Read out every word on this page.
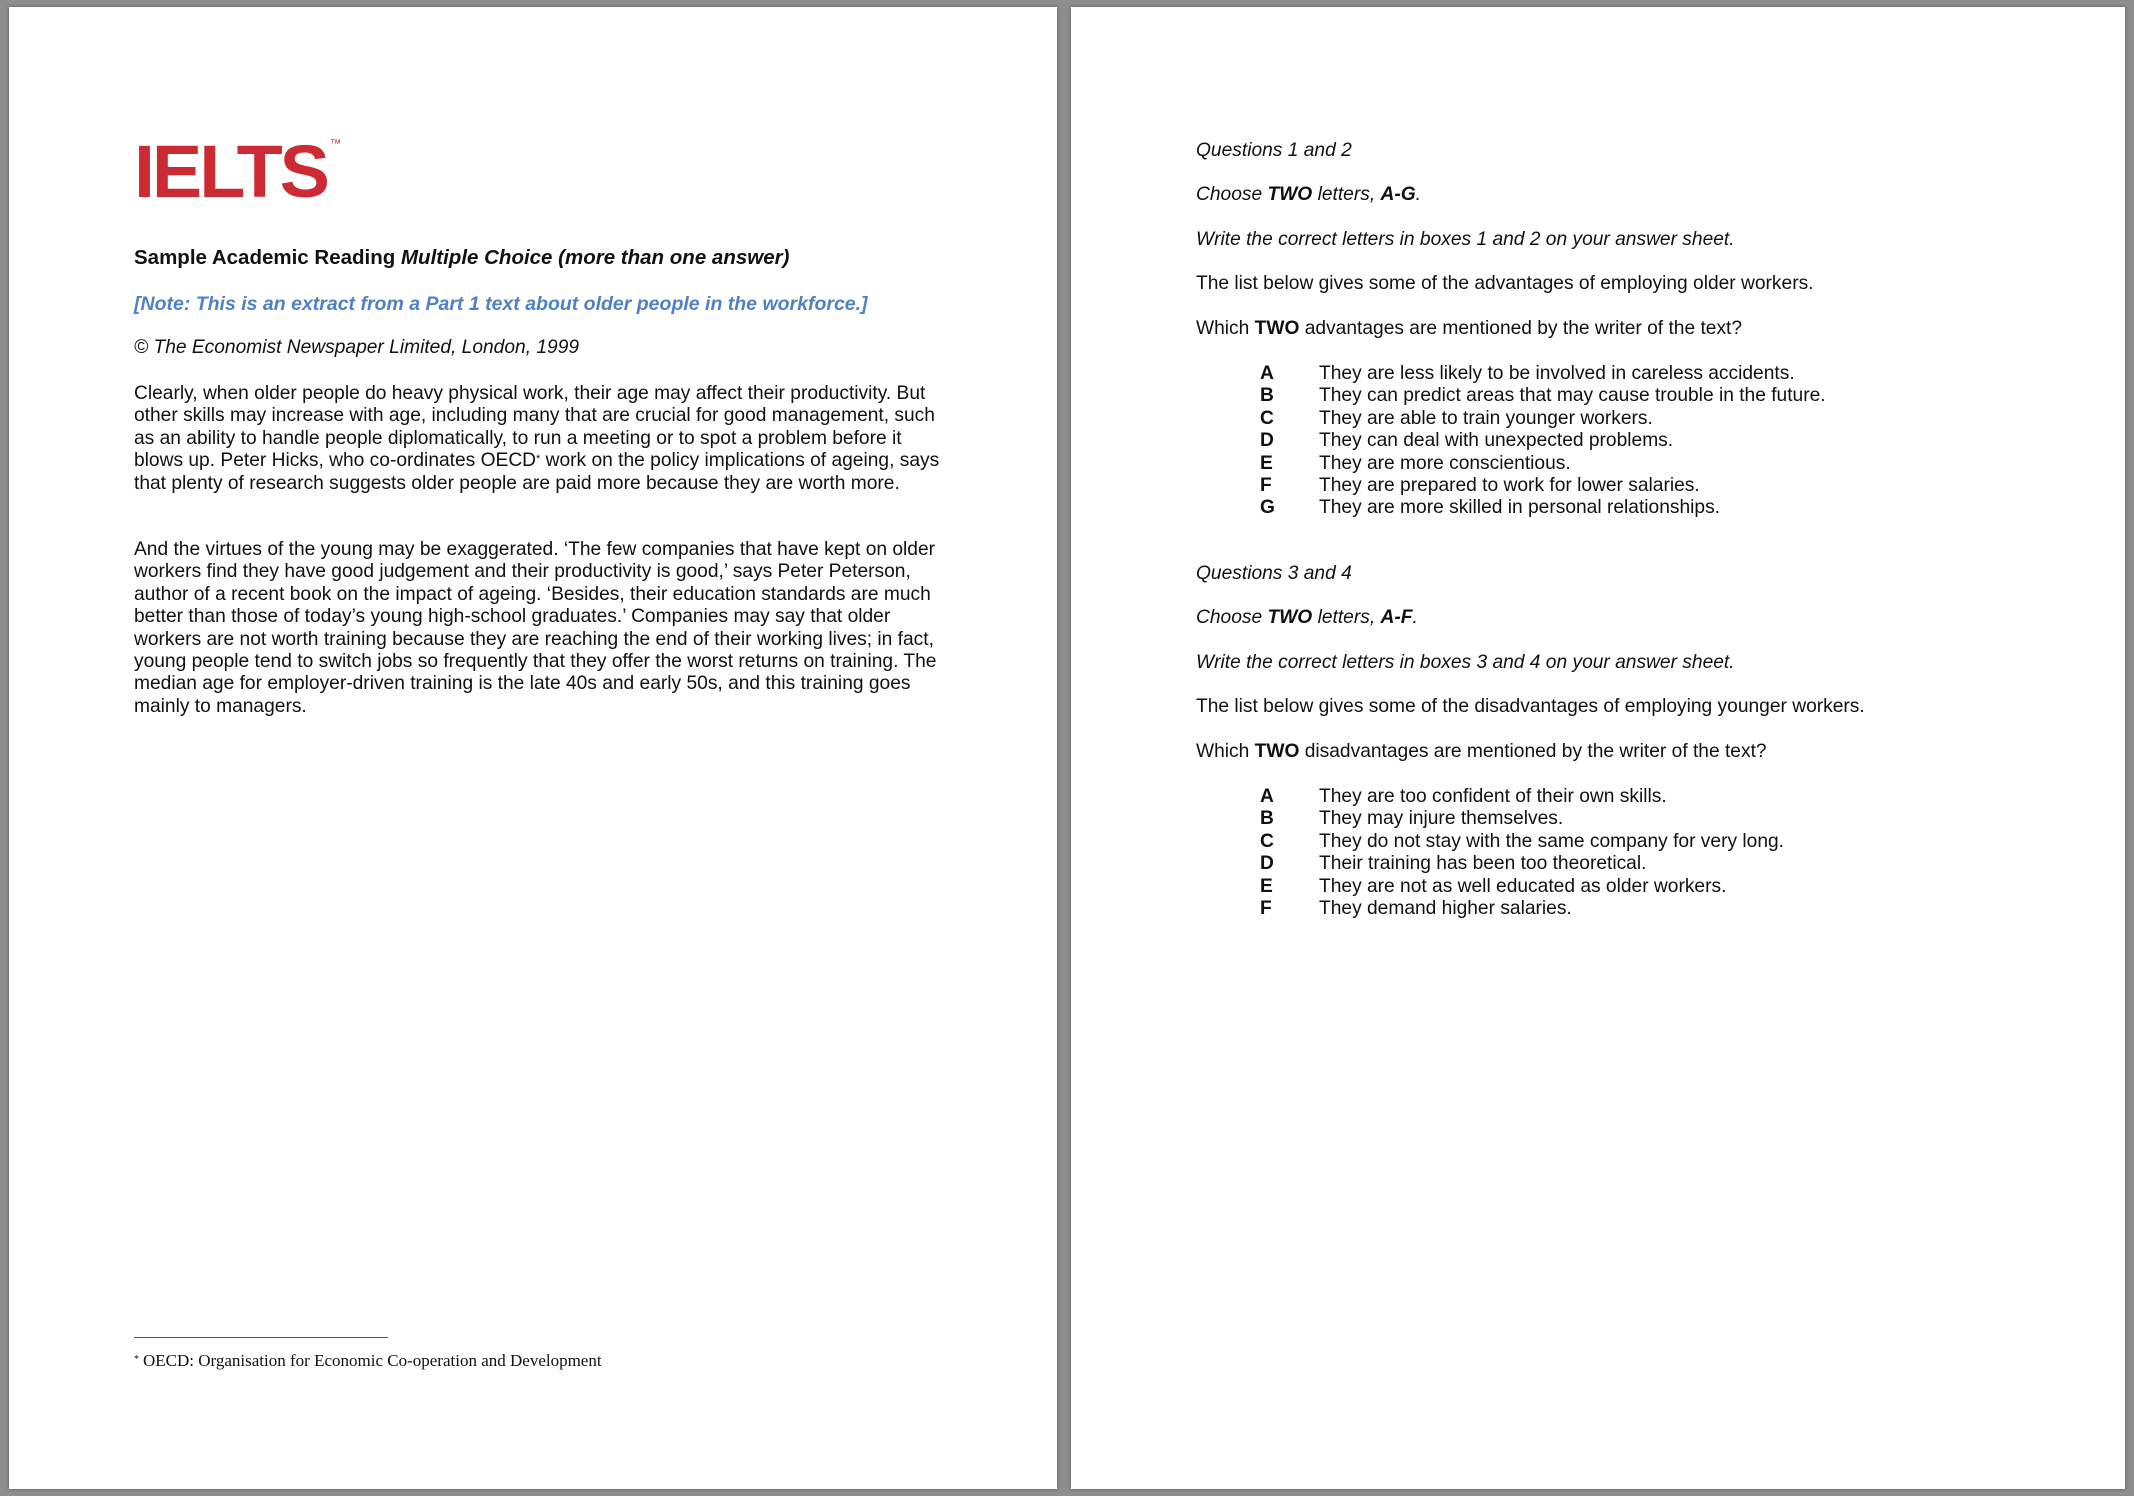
IELTS ™

Sample Academic Reading Multiple Choice (more than one answer)

[Note: This is an extract from a Part 1 text about older people in the workforce.]

© The Economist Newspaper Limited, London, 1999

Clearly, when older people do heavy physical work, their age may affect their productivity. But other skills may increase with age, including many that are crucial for good management, such as an ability to handle people diplomatically, to run a meeting or to spot a problem before it blows up. Peter Hicks, who co-ordinates OECD* work on the policy implications of ageing, says that plenty of research suggests older people are paid more because they are worth more.

And the virtues of the young may be exaggerated. ‘The few companies that have kept on older workers find they have good judgement and their productivity is good,’ says Peter Peterson, author of a recent book on the impact of ageing. ‘Besides, their education standards are much better than those of today’s young high-school graduates.’ Companies may say that older workers are not worth training because they are reaching the end of their working lives; in fact, young people tend to switch jobs so frequently that they offer the worst returns on training. The median age for employer-driven training is the late 40s and early 50s, and this training goes mainly to managers.

* OECD: Organisation for Economic Co-operation and Development

Questions 1 and 2

Choose TWO letters, A-G.

Write the correct letters in boxes 1 and 2 on your answer sheet.

The list below gives some of the advantages of employing older workers.

Which TWO advantages are mentioned by the writer of the text?

A	They are less likely to be involved in careless accidents.
B	They can predict areas that may cause trouble in the future.
C	They are able to train younger workers.
D	They can deal with unexpected problems.
E	They are more conscientious.
F	They are prepared to work for lower salaries.
G	They are more skilled in personal relationships.

Questions 3 and 4

Choose TWO letters, A-F.

Write the correct letters in boxes 3 and 4 on your answer sheet.

The list below gives some of the disadvantages of employing younger workers.

Which TWO disadvantages are mentioned by the writer of the text?

A	They are too confident of their own skills.
B	They may injure themselves.
C	They do not stay with the same company for very long.
D	Their training has been too theoretical.
E	They are not as well educated as older workers.
F	They demand higher salaries.
